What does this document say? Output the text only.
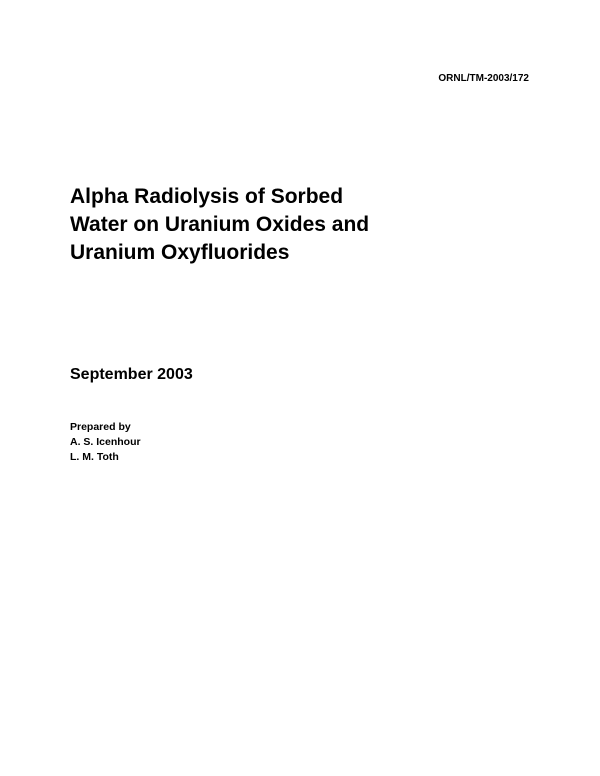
ORNL/TM-2003/172
Alpha Radiolysis of Sorbed
Water on Uranium Oxides and
Uranium Oxyfluorides
September 2003
Prepared by
A. S. Icenhour
L. M. Toth
